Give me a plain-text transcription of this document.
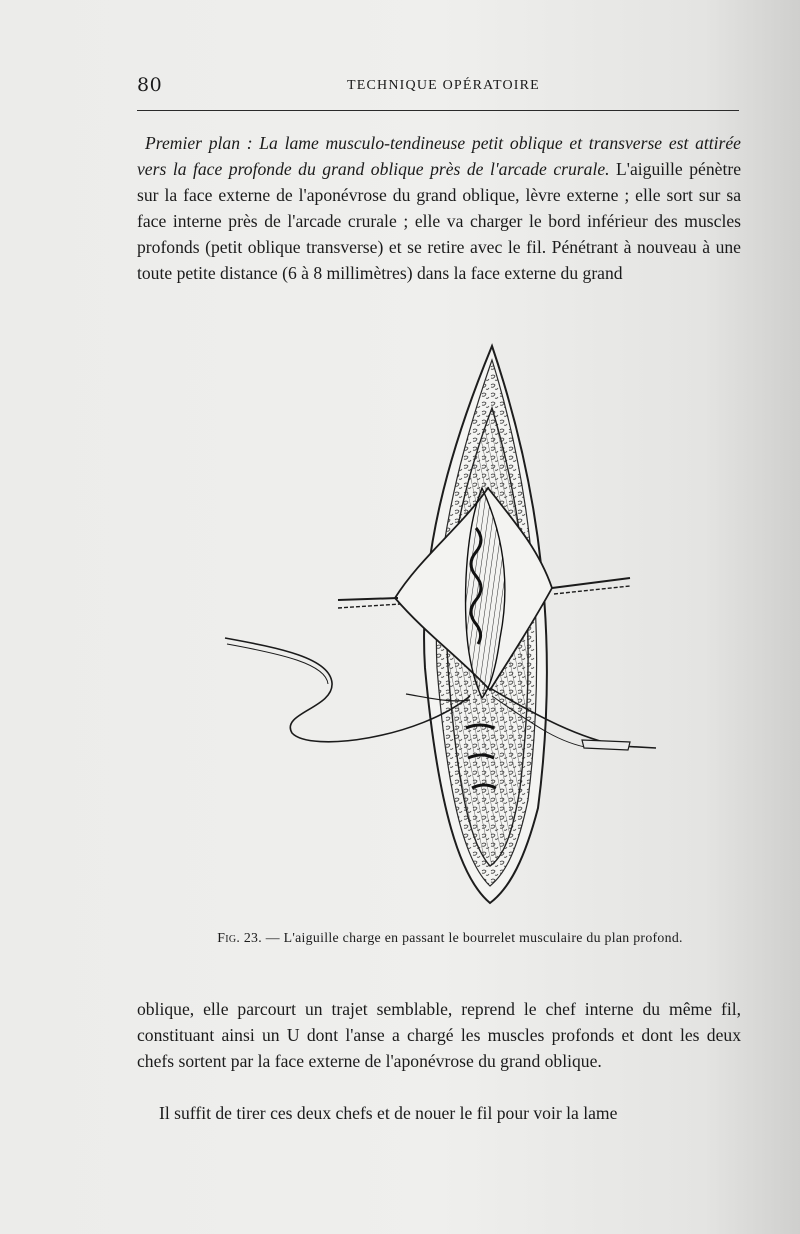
80	TECHNIQUE OPÉRATOIRE

Premier plan : La lame musculo-tendineuse petit oblique et transverse est attirée vers la face profonde du grand oblique près de l'arcade crurale. L'aiguille pénètre sur la face externe de l'aponévrose du grand oblique, lèvre externe ; elle sort sur sa face interne près de l'arcade crurale ; elle va charger le bord inférieur des muscles profonds (petit oblique transverse) et se retire avec le fil. Pénétrant à nouveau à une toute petite distance (6 à 8 millimètres) dans la face externe du grand

Fig. 23. — L'aiguille charge en passant le bourrelet musculaire du plan profond.

oblique, elle parcourt un trajet semblable, reprend le chef interne du même fil, constituant ainsi un U dont l'anse a chargé les muscles profonds et dont les deux chefs sortent par la face externe de l'aponévrose du grand oblique.

Il suffit de tirer ces deux chefs et de nouer le fil pour voir la lame
